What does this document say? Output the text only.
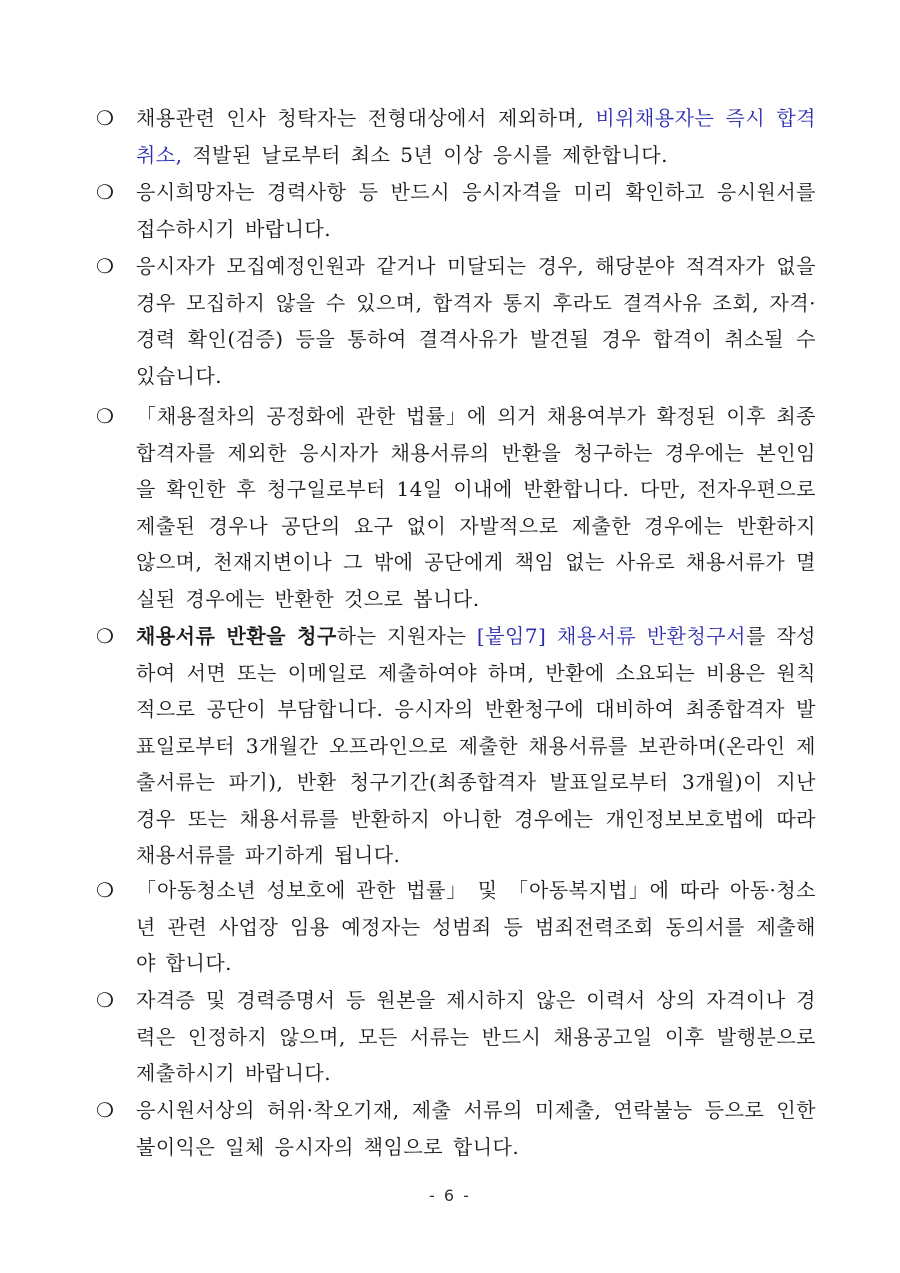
❍	채용관련 인사 청탁자는 전형대상에서 제외하며, 비위채용자는 즉시 합격취소, 적발된 날로부터 최소 5년 이상 응시를 제한합니다.
❍	응시희망자는 경력사항 등 반드시 응시자격을 미리 확인하고 응시원서를 접수하시기 바랍니다.
❍	응시자가 모집예정인원과 같거나 미달되는 경우, 해당분야 적격자가 없을 경우 모집하지 않을 수 있으며, 합격자 통지 후라도 결격사유 조회, 자격·경력 확인(검증) 등을 통하여 결격사유가 발견될 경우 합격이 취소될 수 있습니다.
❍	「채용절차의 공정화에 관한 법률」에 의거 채용여부가 확정된 이후 최종합격자를 제외한 응시자가 채용서류의 반환을 청구하는 경우에는 본인임을 확인한 후 청구일로부터 14일 이내에 반환합니다. 다만, 전자우편으로 제출된 경우나 공단의 요구 없이 자발적으로 제출한 경우에는 반환하지 않으며, 천재지변이나 그 밖에 공단에게 책임 없는 사유로 채용서류가 멸실된 경우에는 반환한 것으로 봅니다.
❍	채용서류 반환을 청구하는 지원자는 [붙임7] 채용서류 반환청구서를 작성하여 서면 또는 이메일로 제출하여야 하며, 반환에 소요되는 비용은 원칙적으로 공단이 부담합니다. 응시자의 반환청구에 대비하여 최종합격자 발표일로부터 3개월간 오프라인으로 제출한 채용서류를 보관하며(온라인 제출서류는 파기), 반환 청구기간(최종합격자 발표일로부터 3개월)이 지난 경우 또는 채용서류를 반환하지 아니한 경우에는 개인정보보호법에 따라 채용서류를 파기하게 됩니다.
❍	「아동청소년 성보호에 관한 법률」 및 「아동복지법」에 따라 아동·청소년 관련 사업장 임용 예정자는 성범죄 등 범죄전력조회 동의서를 제출해야 합니다.
❍	자격증 및 경력증명서 등 원본을 제시하지 않은 이력서 상의 자격이나 경력은 인정하지 않으며, 모든 서류는 반드시 채용공고일 이후 발행분으로 제출하시기 바랍니다.
❍	응시원서상의 허위·착오기재, 제출 서류의 미제출, 연락불능 등으로 인한 불이익은 일체 응시자의 책임으로 합니다.
- 6 -
